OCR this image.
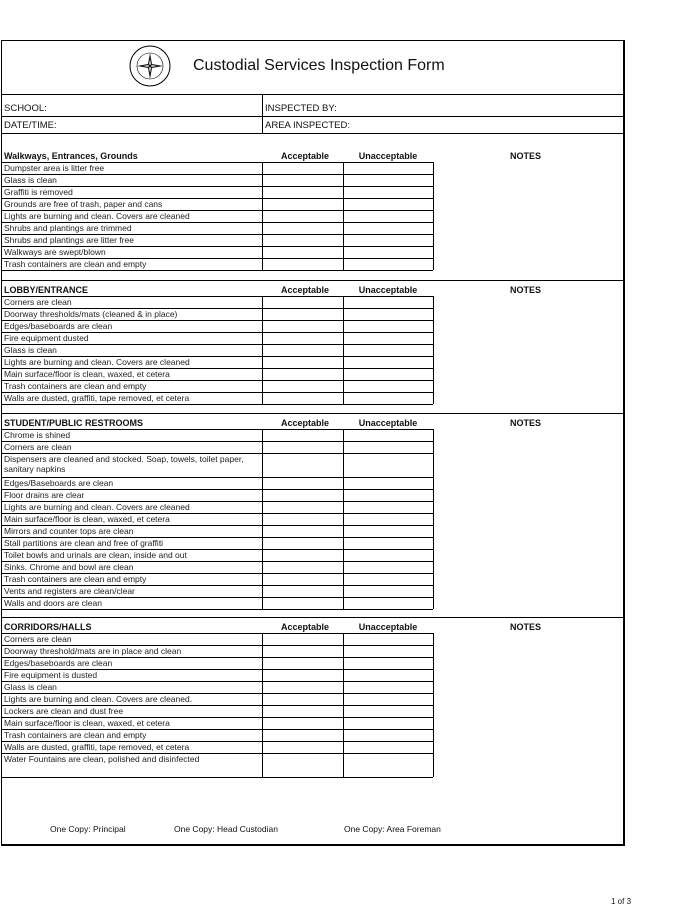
Custodial Services Inspection Form
SCHOOL:	INSPECTED BY:
DATE/TIME:	AREA INSPECTED:
Walkways, Entrances, Grounds	Acceptable	Unacceptable	NOTES
Dumpster area is litter free
Glass is clean
Graffiti is removed
Grounds are free of trash, paper and cans
Lights are burning and clean. Covers are cleaned
Shrubs and plantings are trimmed
Shrubs and plantings are litter free
Walkways are swept/blown
Trash containers are clean and empty
LOBBY/ENTRANCE	Acceptable	Unacceptable	NOTES
Corners are clean
Doorway thresholds/mats (cleaned & in place)
Edges/baseboards are clean
Fire equipment dusted
Glass is clean
Lights are burning and clean. Covers are cleaned
Main surface/floor is clean, waxed, et cetera
Trash containers are clean and empty
Walls are dusted, graffiti, tape removed, et cetera
STUDENT/PUBLIC RESTROOMS	Acceptable	Unacceptable	NOTES
Chrome is shined
Corners are clean
Dispensers are cleaned and stocked. Soap, towels, toilet paper, sanitary napkins
Edges/Baseboards are clean
Floor drains are clear
Lights are burning and clean. Covers are cleaned
Main surface/floor is clean, waxed, et cetera
Mirrors and counter tops are clean
Stall partitions are clean and free of graffiti
Toilet bowls and urinals are clean, inside and out
Sinks. Chrome and bowl are clean
Trash containers are clean and empty
Vents and registers are clean/clear
Walls and doors are clean
CORRIDORS/HALLS	Acceptable	Unacceptable	NOTES
Corners are clean
Doorway threshold/mats are in place and clean
Edges/baseboards are clean
Fire equipment is dusted
Glass is clean
Lights are burning and clean. Covers are cleaned.
Lockers are clean and dust free
Main surface/floor is clean, waxed, et cetera
Trash containers are clean and empty
Walls are dusted, graffiti, tape removed, et cetera
Water Fountains are clean, polished and disinfected
One Copy: Principal	One Copy: Head Custodian	One Copy: Area Foreman
1 of 3
